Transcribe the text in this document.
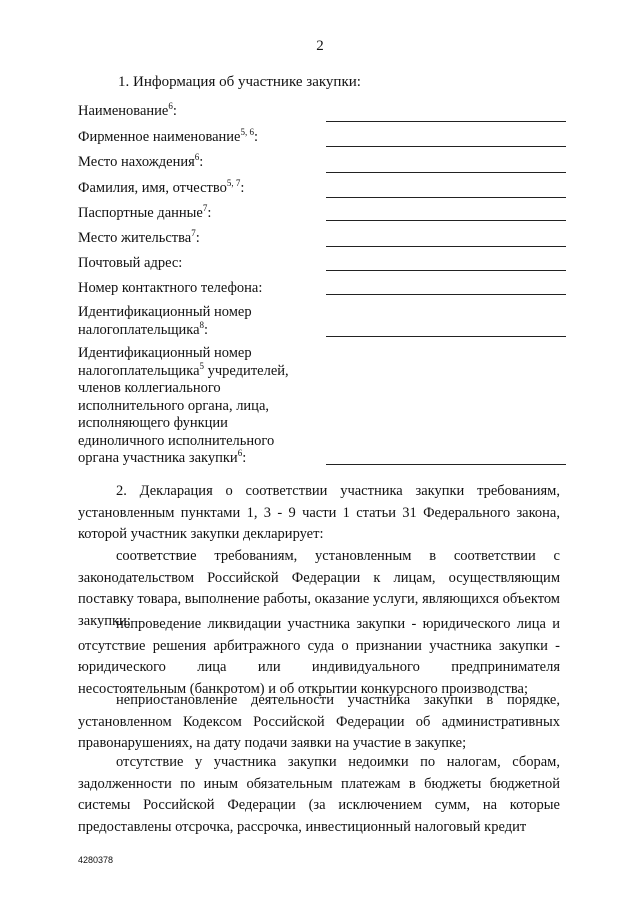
2
1. Информация об участнике закупки:
Наименование$^6$:
Фирменное наименование$^{5, 6}$:
Место нахождения$^6$:
Фамилия, имя, отчество$^{5, 7}$:
Паспортные данные$^7$:
Место жительства$^7$:
Почтовый адрес:
Номер контактного телефона:
Идентификационный номер налогоплательщика$^8$:
Идентификационный номер налогоплательщика$^5$ учредителей, членов коллегиального исполнительного органа, лица, исполняющего функции единоличного исполнительного органа участника закупки$^6$:
2. Декларация о соответствии участника закупки требованиям, установленным пунктами 1, 3 - 9 части 1 статьи 31 Федерального закона, которой участник закупки декларирует:
соответствие требованиям, установленным в соответствии с законодательством Российской Федерации к лицам, осуществляющим поставку товара, выполнение работы, оказание услуги, являющихся объектом закупки;
непроведение ликвидации участника закупки - юридического лица и отсутствие решения арбитражного суда о признании участника закупки - юридического лица или индивидуального предпринимателя несостоятельным (банкротом) и об открытии конкурсного производства;
неприостановление деятельности участника закупки в порядке, установленном Кодексом Российской Федерации об административных правонарушениях, на дату подачи заявки на участие в закупке;
отсутствие у участника закупки недоимки по налогам, сборам, задолженности по иным обязательным платежам в бюджеты бюджетной системы Российской Федерации (за исключением сумм, на которые предоставлены отсрочка, рассрочка, инвестиционный налоговый кредит
4280378
